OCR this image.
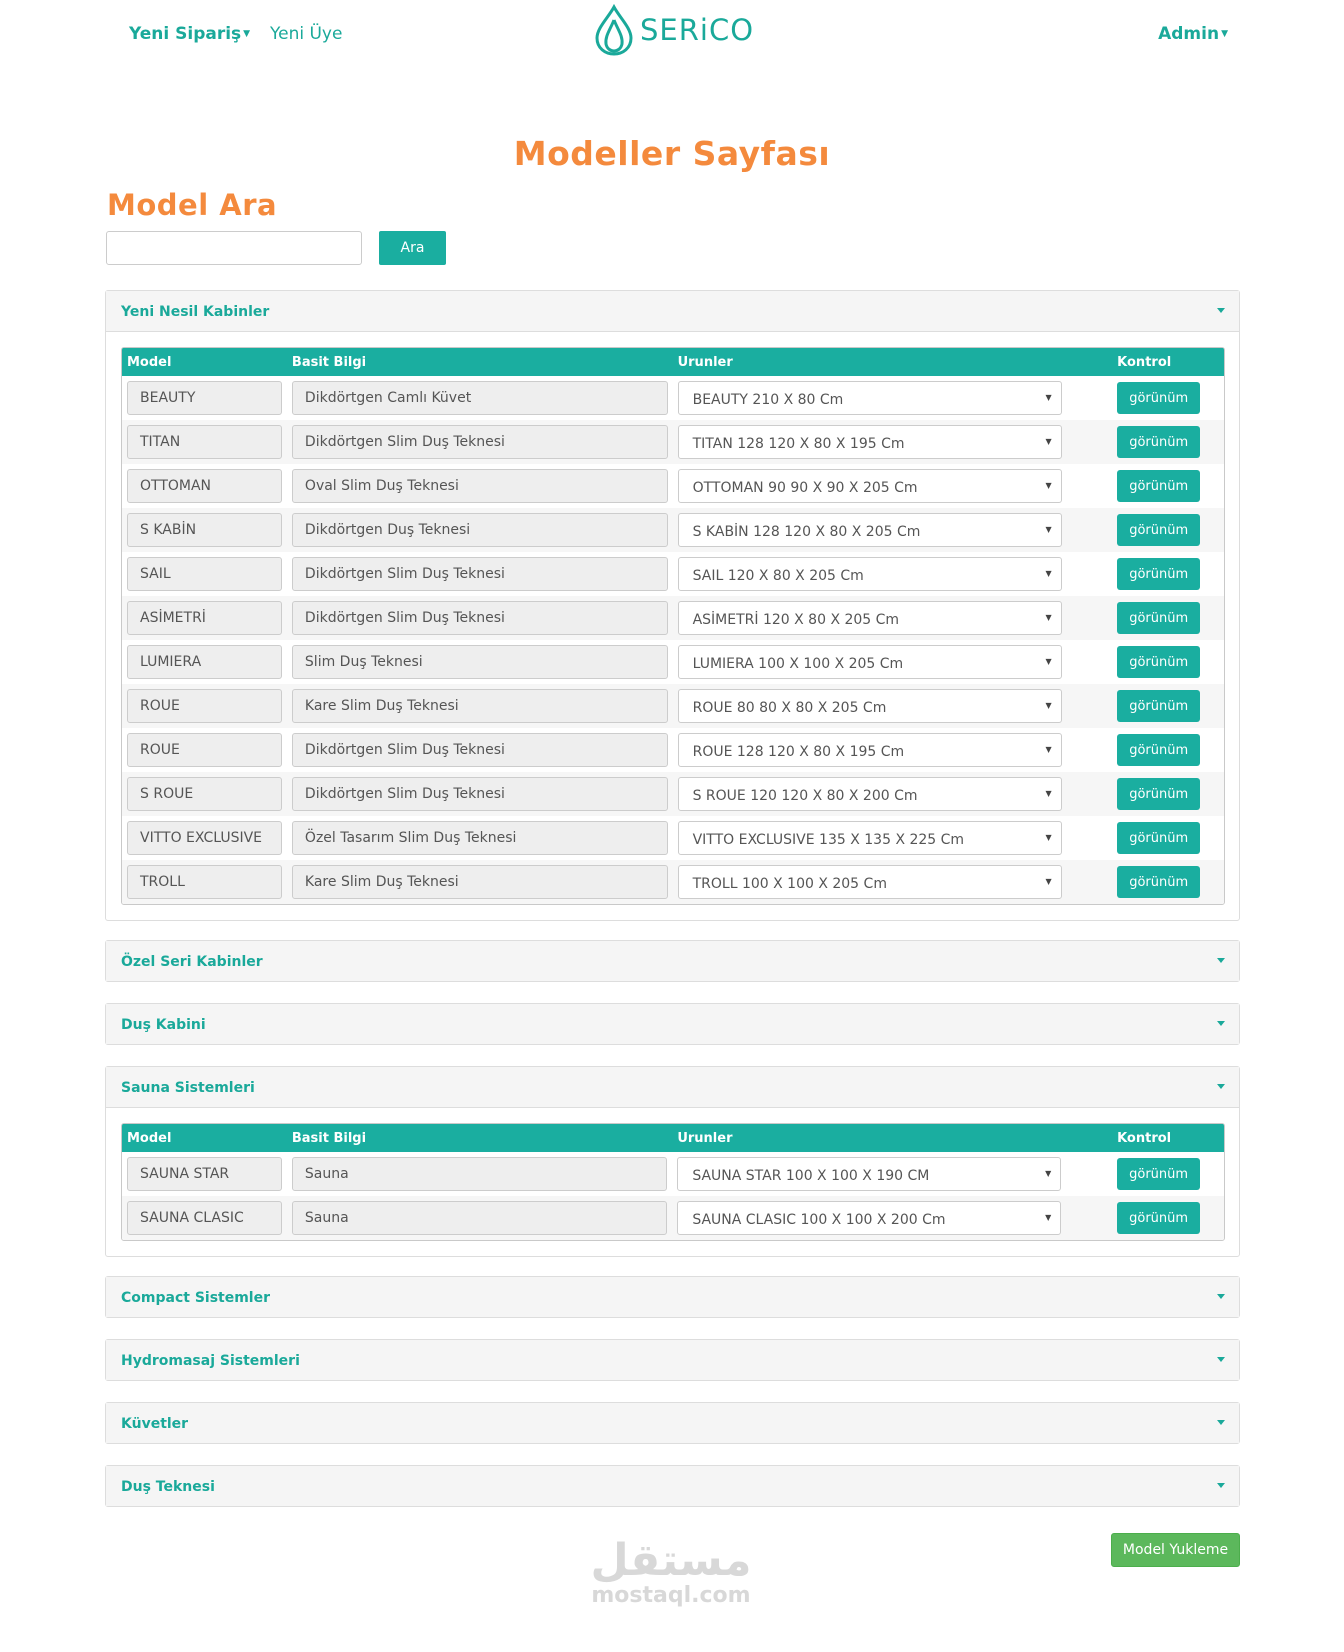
Yeni Sipariş ▼ Yeni Üye	SERiCO	Admin ▼
Modeller Sayfası
Model Ara
Ara
Yeni Nesil Kabinler
Model	Basit Bilgi	Urunler	Kontrol

BEAUTY	Dikdörtgen Camlı Küvet	BEAUTY 210 X 80 Cm ▼	görünüm

TITAN	Dikdörtgen Slim Duş Teknesi	TITAN 128 120 X 80 X 195 Cm ▼	görünüm

OTTOMAN	Oval Slim Duş Teknesi	OTTOMAN 90 90 X 90 X 205 Cm ▼	görünüm

S KABİN	Dikdörtgen Duş Teknesi	S KABİN 128 120 X 80 X 205 Cm ▼	görünüm

SAIL	Dikdörtgen Slim Duş Teknesi	SAIL 120 X 80 X 205 Cm ▼	görünüm

ASİMETRİ	Dikdörtgen Slim Duş Teknesi	ASİMETRİ 120 X 80 X 205 Cm ▼	görünüm

LUMIERA	Slim Duş Teknesi	LUMIERA 100 X 100 X 205 Cm ▼	görünüm

ROUE	Kare Slim Duş Teknesi	ROUE 80 80 X 80 X 205 Cm ▼	görünüm

ROUE	Dikdörtgen Slim Duş Teknesi	ROUE 128 120 X 80 X 195 Cm ▼	görünüm

S ROUE	Dikdörtgen Slim Duş Teknesi	S ROUE 120 120 X 80 X 200 Cm ▼	görünüm

VITTO EXCLUSIVE	Özel Tasarım Slim Duş Teknesi	VITTO EXCLUSIVE 135 X 135 X 225 Cm ▼	görünüm

TROLL	Kare Slim Duş Teknesi	TROLL 100 X 100 X 205 Cm ▼	görünüm
Özel Seri Kabinler
Duş Kabini
Sauna Sistemleri
Model	Basit Bilgi	Urunler	Kontrol

SAUNA STAR	Sauna	SAUNA STAR 100 X 100 X 190 CM ▼	görünüm

SAUNA CLASIC	Sauna	SAUNA CLASIC 100 X 100 X 200 Cm ▼	görünüm
Compact Sistemler
Hydromasaj Sistemleri
Küvetler
Duş Teknesi
مستقل
mostaql.com
Model Yukleme
